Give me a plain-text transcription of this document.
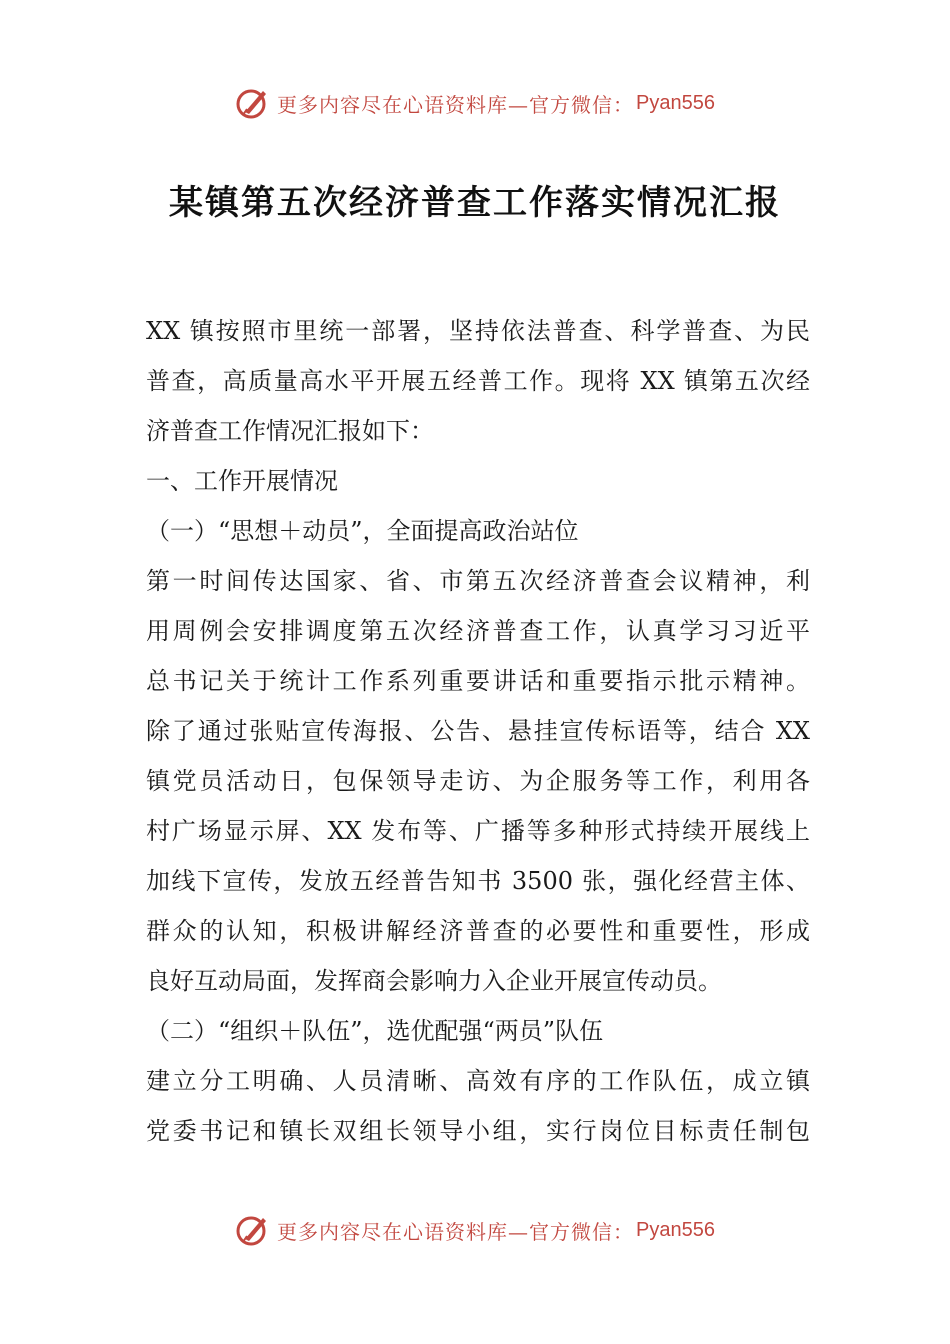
更多内容尽在心语资料库—官方微信： Pyan556
某镇第五次经济普查工作落实情况汇报
XX 镇按照市里统一部署，坚持依法普查、科学普查、为民
普查，高质量高水平开展五经普工作。现将 XX 镇第五次经
济普查工作情况汇报如下：
一、工作开展情况
（一）“思想＋动员”，全面提高政治站位
第一时间传达国家、省、市第五次经济普查会议精神，利
用周例会安排调度第五次经济普查工作，认真学习习近平
总书记关于统计工作系列重要讲话和重要指示批示精神。
除了通过张贴宣传海报、公告、悬挂宣传标语等，结合 XX
镇党员活动日，包保领导走访、为企服务等工作，利用各
村广场显示屏、XX 发布等、广播等多种形式持续开展线上
加线下宣传，发放五经普告知书 3500 张，强化经营主体、
群众的认知，积极讲解经济普查的必要性和重要性，形成
良好互动局面，发挥商会影响力入企业开展宣传动员。
（二）“组织＋队伍”，选优配强“两员”队伍
建立分工明确、人员清晰、高效有序的工作队伍，成立镇
党委书记和镇长双组长领导小组，实行岗位目标责任制包
更多内容尽在心语资料库—官方微信： Pyan556
